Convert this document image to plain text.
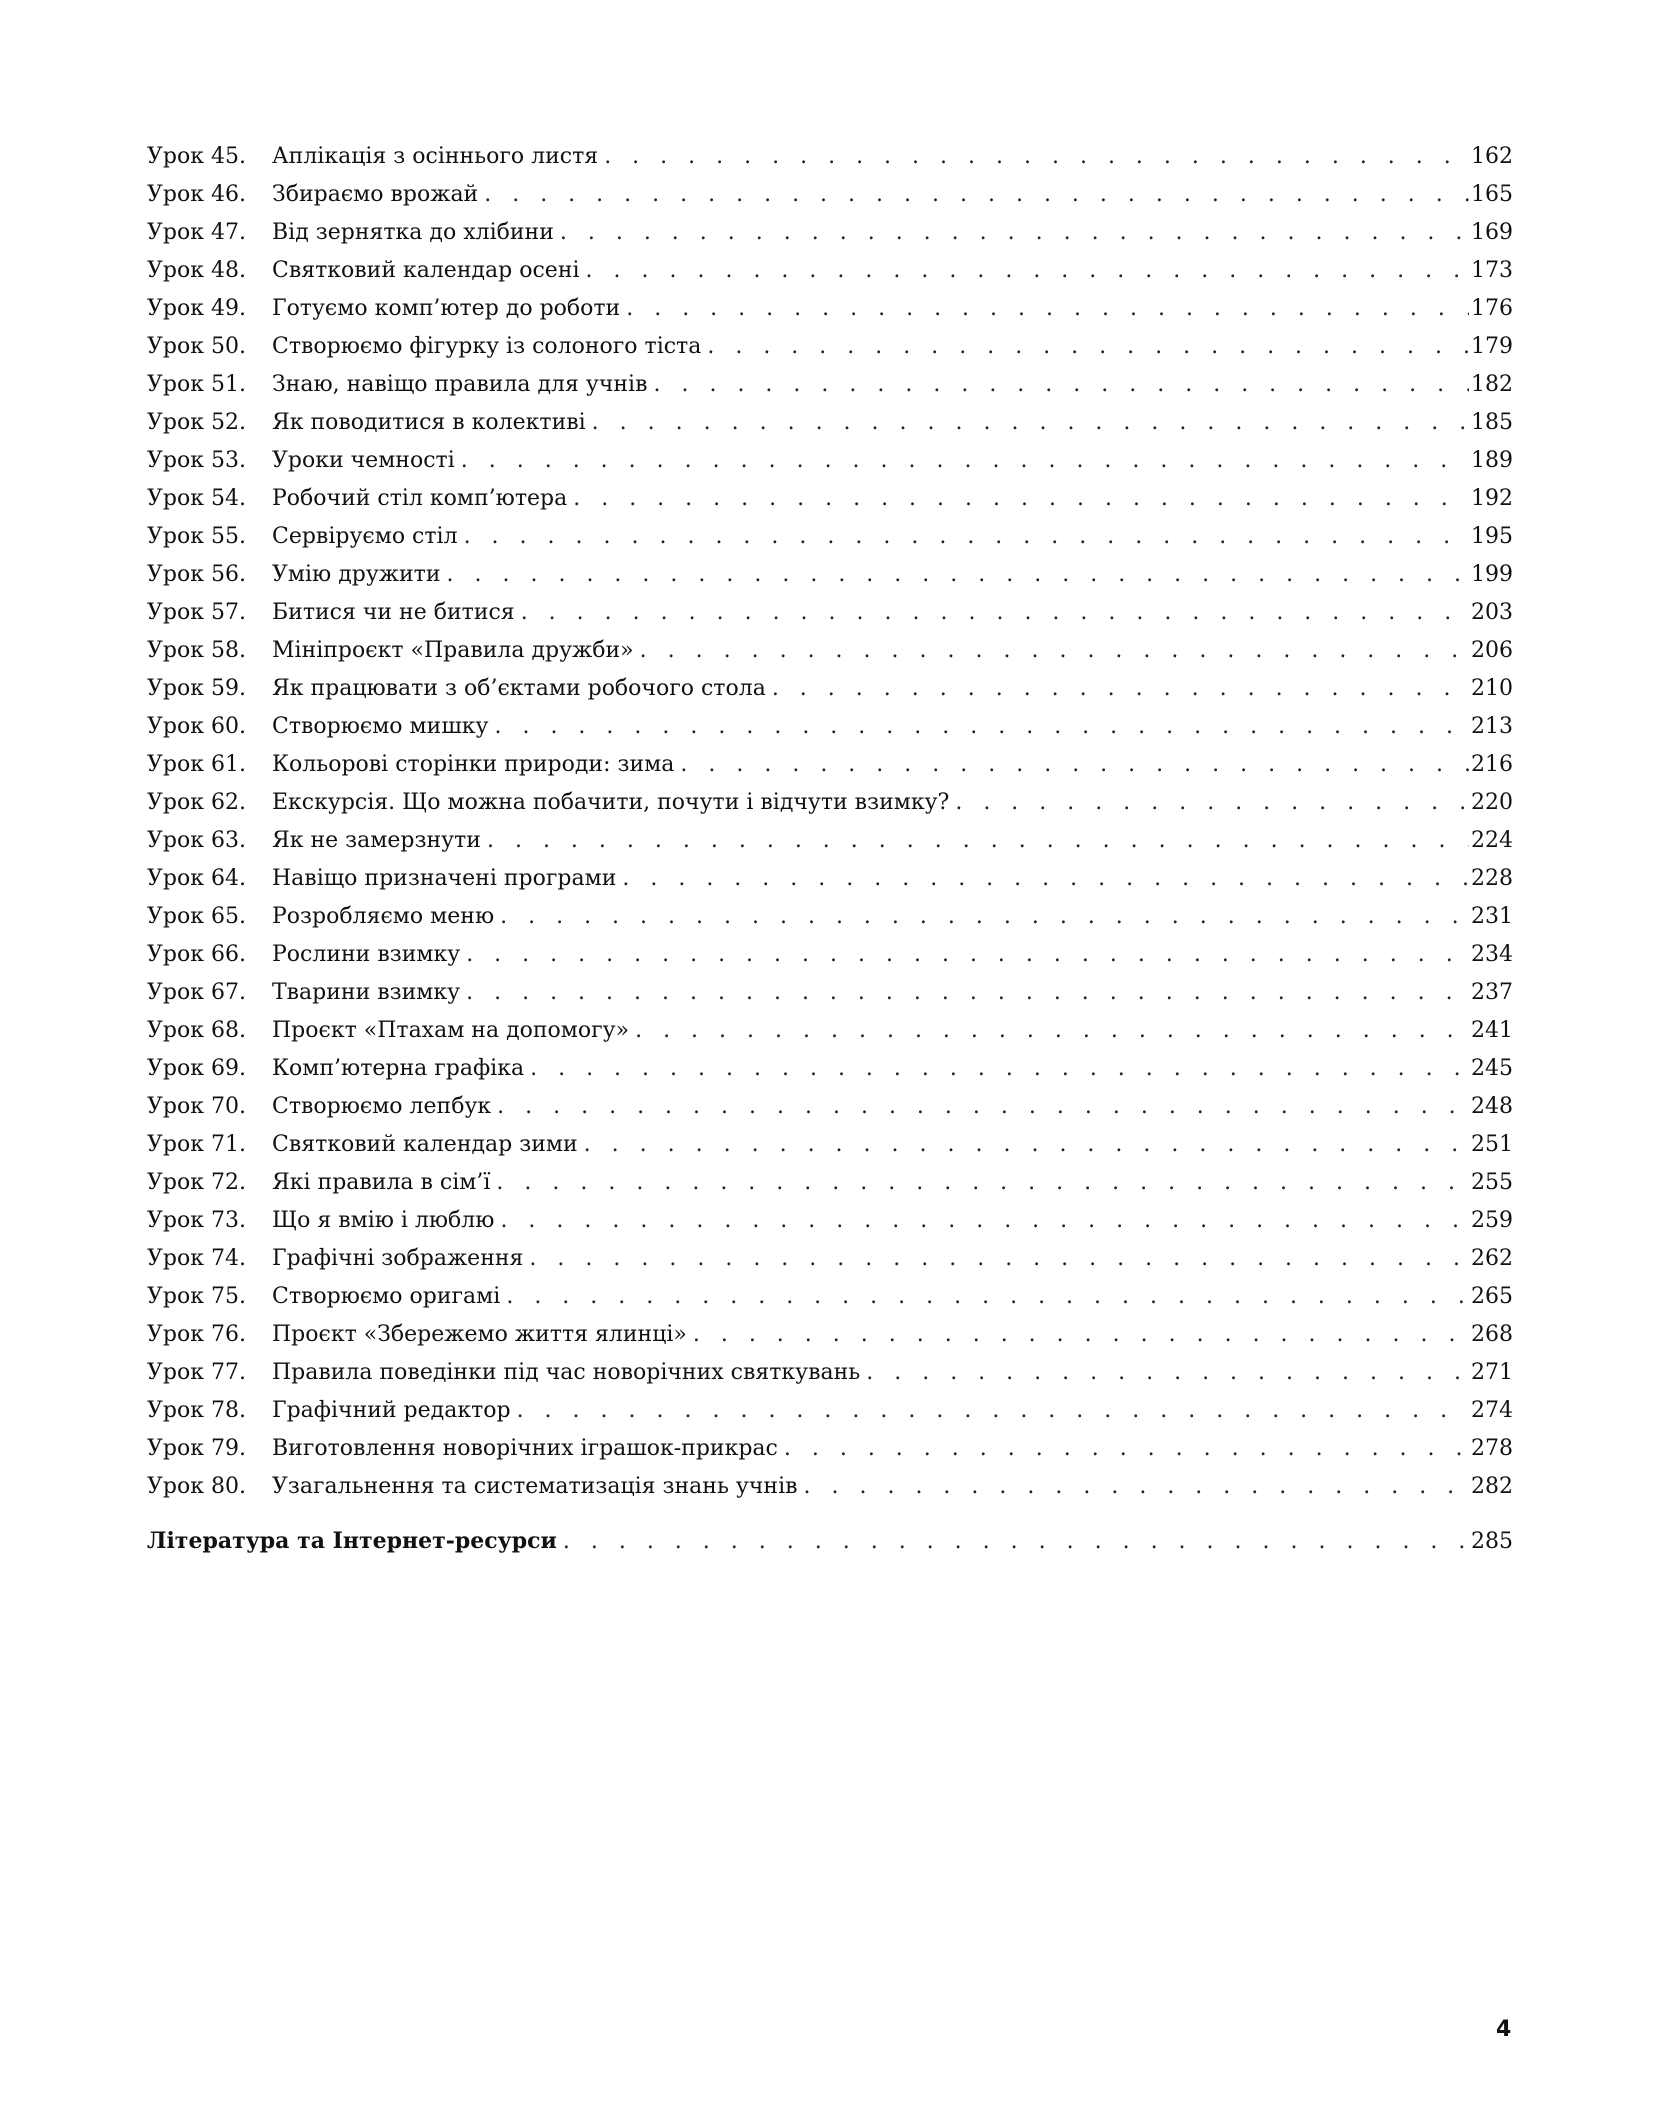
Урок 45.	Аплікація з осіннього листя . . .	162
Урок 46.	Збираємо врожай . . .	165
Урок 47.	Від зернятка до хлібини . . .	169
Урок 48.	Святковий календар осені . . .	173
Урок 49.	Готуємо комп’ютер до роботи . . .	176
Урок 50.	Створюємо фігурку із солоного тіста . . .	179
Урок 51.	Знаю, навіщо правила для учнів . . .	182
Урок 52.	Як поводитися в колективі . . .	185
Урок 53.	Уроки чемності . . .	189
Урок 54.	Робочий стіл комп’ютера . . .	192
Урок 55.	Сервіруємо стіл . . .	195
Урок 56.	Умію дружити . . .	199
Урок 57.	Битися чи не битися . . .	203
Урок 58.	Мініпроєкт «Правила дружби» . . .	206
Урок 59.	Як працювати з об’єктами робочого стола . . .	210
Урок 60.	Створюємо мишку . . .	213
Урок 61.	Кольорові сторінки природи: зима . . .	216
Урок 62.	Екскурсія. Що можна побачити, почути і відчути взимку? . . .	220
Урок 63.	Як не замерзнути . . .	224
Урок 64.	Навіщо призначені програми . . .	228
Урок 65.	Розробляємо меню . . .	231
Урок 66.	Рослини взимку . . .	234
Урок 67.	Тварини взимку . . .	237
Урок 68.	Проєкт «Птахам на допомогу» . . .	241
Урок 69.	Комп’ютерна графіка . . .	245
Урок 70.	Створюємо лепбук . . .	248
Урок 71.	Святковий календар зими . . .	251
Урок 72.	Які правила в сім’ї . . .	255
Урок 73.	Що я вмію і люблю . . .	259
Урок 74.	Графічні зображення . . .	262
Урок 75.	Створюємо оригамі . . .	265
Урок 76.	Проєкт «Збережемо життя ялинці» . . .	268
Урок 77.	Правила поведінки під час новорічних святкувань . . .	271
Урок 78.	Графічний редактор . . .	274
Урок 79.	Виготовлення новорічних іграшок-прикрас . . .	278
Урок 80.	Узагальнення та систематизація знань учнів . . .	282
Література та Інтернет-ресурси . . .	285
4
